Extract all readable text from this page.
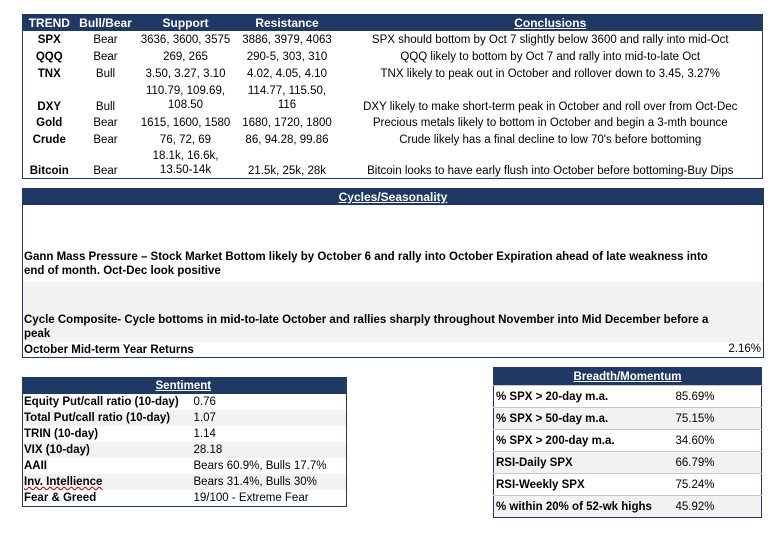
TREND	Bull/Bear	Support	Resistance	Conclusions
SPX	Bear	3636, 3600, 3575	3886, 3979, 4063	SPX should bottom by Oct 7 slightly below 3600 and rally into mid-Oct
QQQ	Bear	269, 265	290-5, 303, 310	QQQ likely to bottom by Oct 7 and rally into mid-to-late Oct
TNX	Bull	3.50, 3.27, 3.10	4.02, 4.05, 4.10	TNX likely to peak out in October and rollover down to 3.45, 3.27%
DXY	Bull	110.79, 109.69, 108.50	114.77, 115.50, 116	DXY likely to make short-term peak in October and roll over from Oct-Dec
Gold	Bear	1615, 1600, 1580	1680, 1720, 1800	Precious metals likely to bottom in October and begin a 3-mth bounce
Crude	Bear	76, 72, 69	86, 94.28, 99.86	Crude likely has a final decline to low 70's before bottoming
Bitcoin	Bear	18.1k, 16.6k, 13.50-14k	21.5k, 25k, 28k	Bitcoin looks to have early flush into October before bottoming-Buy Dips
Cycles/Seasonality
Gann Mass Pressure – Stock Market Bottom likely by October 6 and rally into October Expiration ahead of late weakness into end of month. Oct-Dec look positive
Cycle Composite- Cycle bottoms in mid-to-late October and rallies sharply throughout November into Mid December before a peak
October Mid-term Year Returns	2.16%
	Sentiment
Equity Put/call ratio (10-day)	0.76
Total Put/call ratio (10-day)	1.07
TRIN (10-day)	1.14
VIX (10-day)	28.18
AAII	Bears 60.9%, Bulls 17.7%
Inv. Intellience	Bears 31.4%, Bulls 30%
Fear & Greed	19/100 - Extreme Fear
Breadth/Momentum	
% SPX > 20-day m.a.	85.69%
% SPX > 50-day m.a.	75.15%
% SPX > 200-day m.a.	34.60%
RSI-Daily SPX	66.79%
RSI-Weekly SPX	75.24%
% within 20% of 52-wk highs	45.92%
